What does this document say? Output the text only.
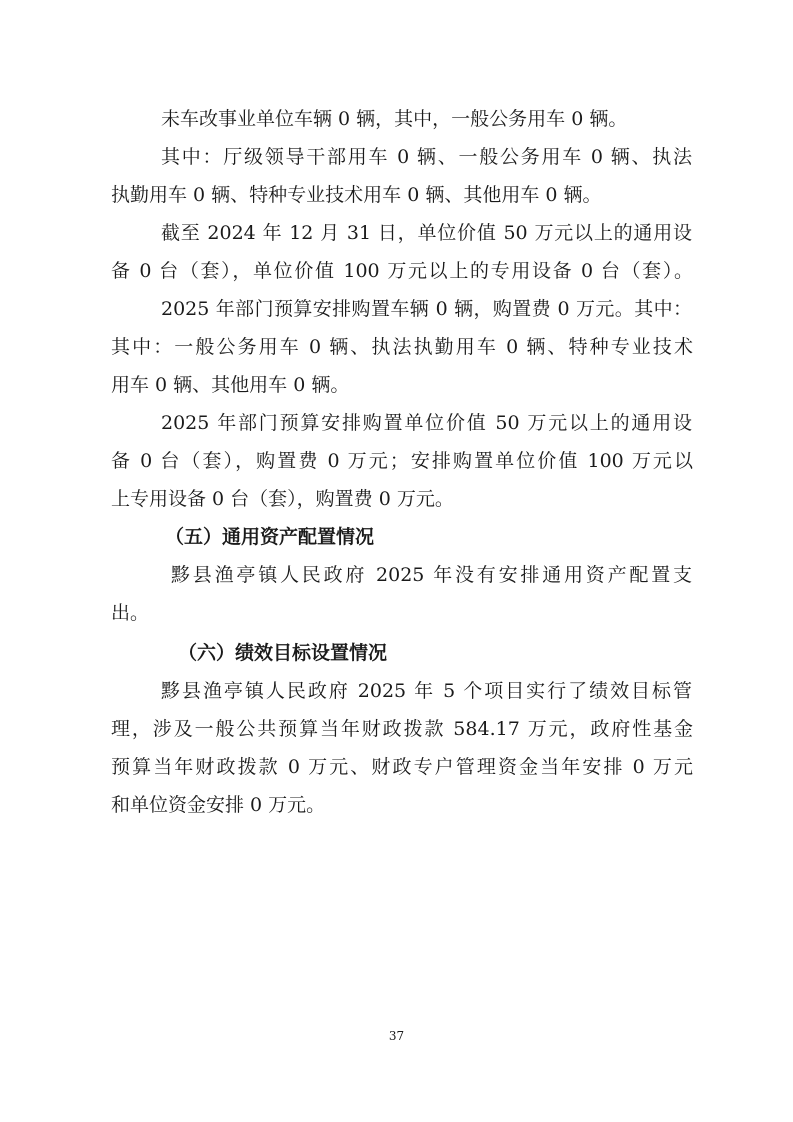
未车改事业单位车辆 0 辆，其中，一般公务用车 0 辆。
其中：厅级领导干部用车 0 辆、一般公务用车 0 辆、执法
执勤用车 0 辆、特种专业技术用车 0 辆、其他用车 0 辆。
截至 2024 年 12 月 31 日，单位价值 50 万元以上的通用设
备 0 台（套），单位价值 100 万元以上的专用设备 0 台（套）。
2025 年部门预算安排购置车辆 0 辆，购置费 0 万元。其中：
其中：一般公务用车 0 辆、执法执勤用车 0 辆、特种专业技术
用车 0 辆、其他用车 0 辆。
2025 年部门预算安排购置单位价值 50 万元以上的通用设
备 0 台（套），购置费 0 万元；安排购置单位价值 100 万元以
上专用设备 0 台（套），购置费 0 万元。
（五）通用资产配置情况
黟县渔亭镇人民政府 2025 年没有安排通用资产配置支
出。
（六）绩效目标设置情况
黟县渔亭镇人民政府 2025 年 5 个项目实行了绩效目标管
理，涉及一般公共预算当年财政拨款 584.17 万元，政府性基金
预算当年财政拨款 0 万元、财政专户管理资金当年安排 0 万元
和单位资金安排 0 万元。
37
